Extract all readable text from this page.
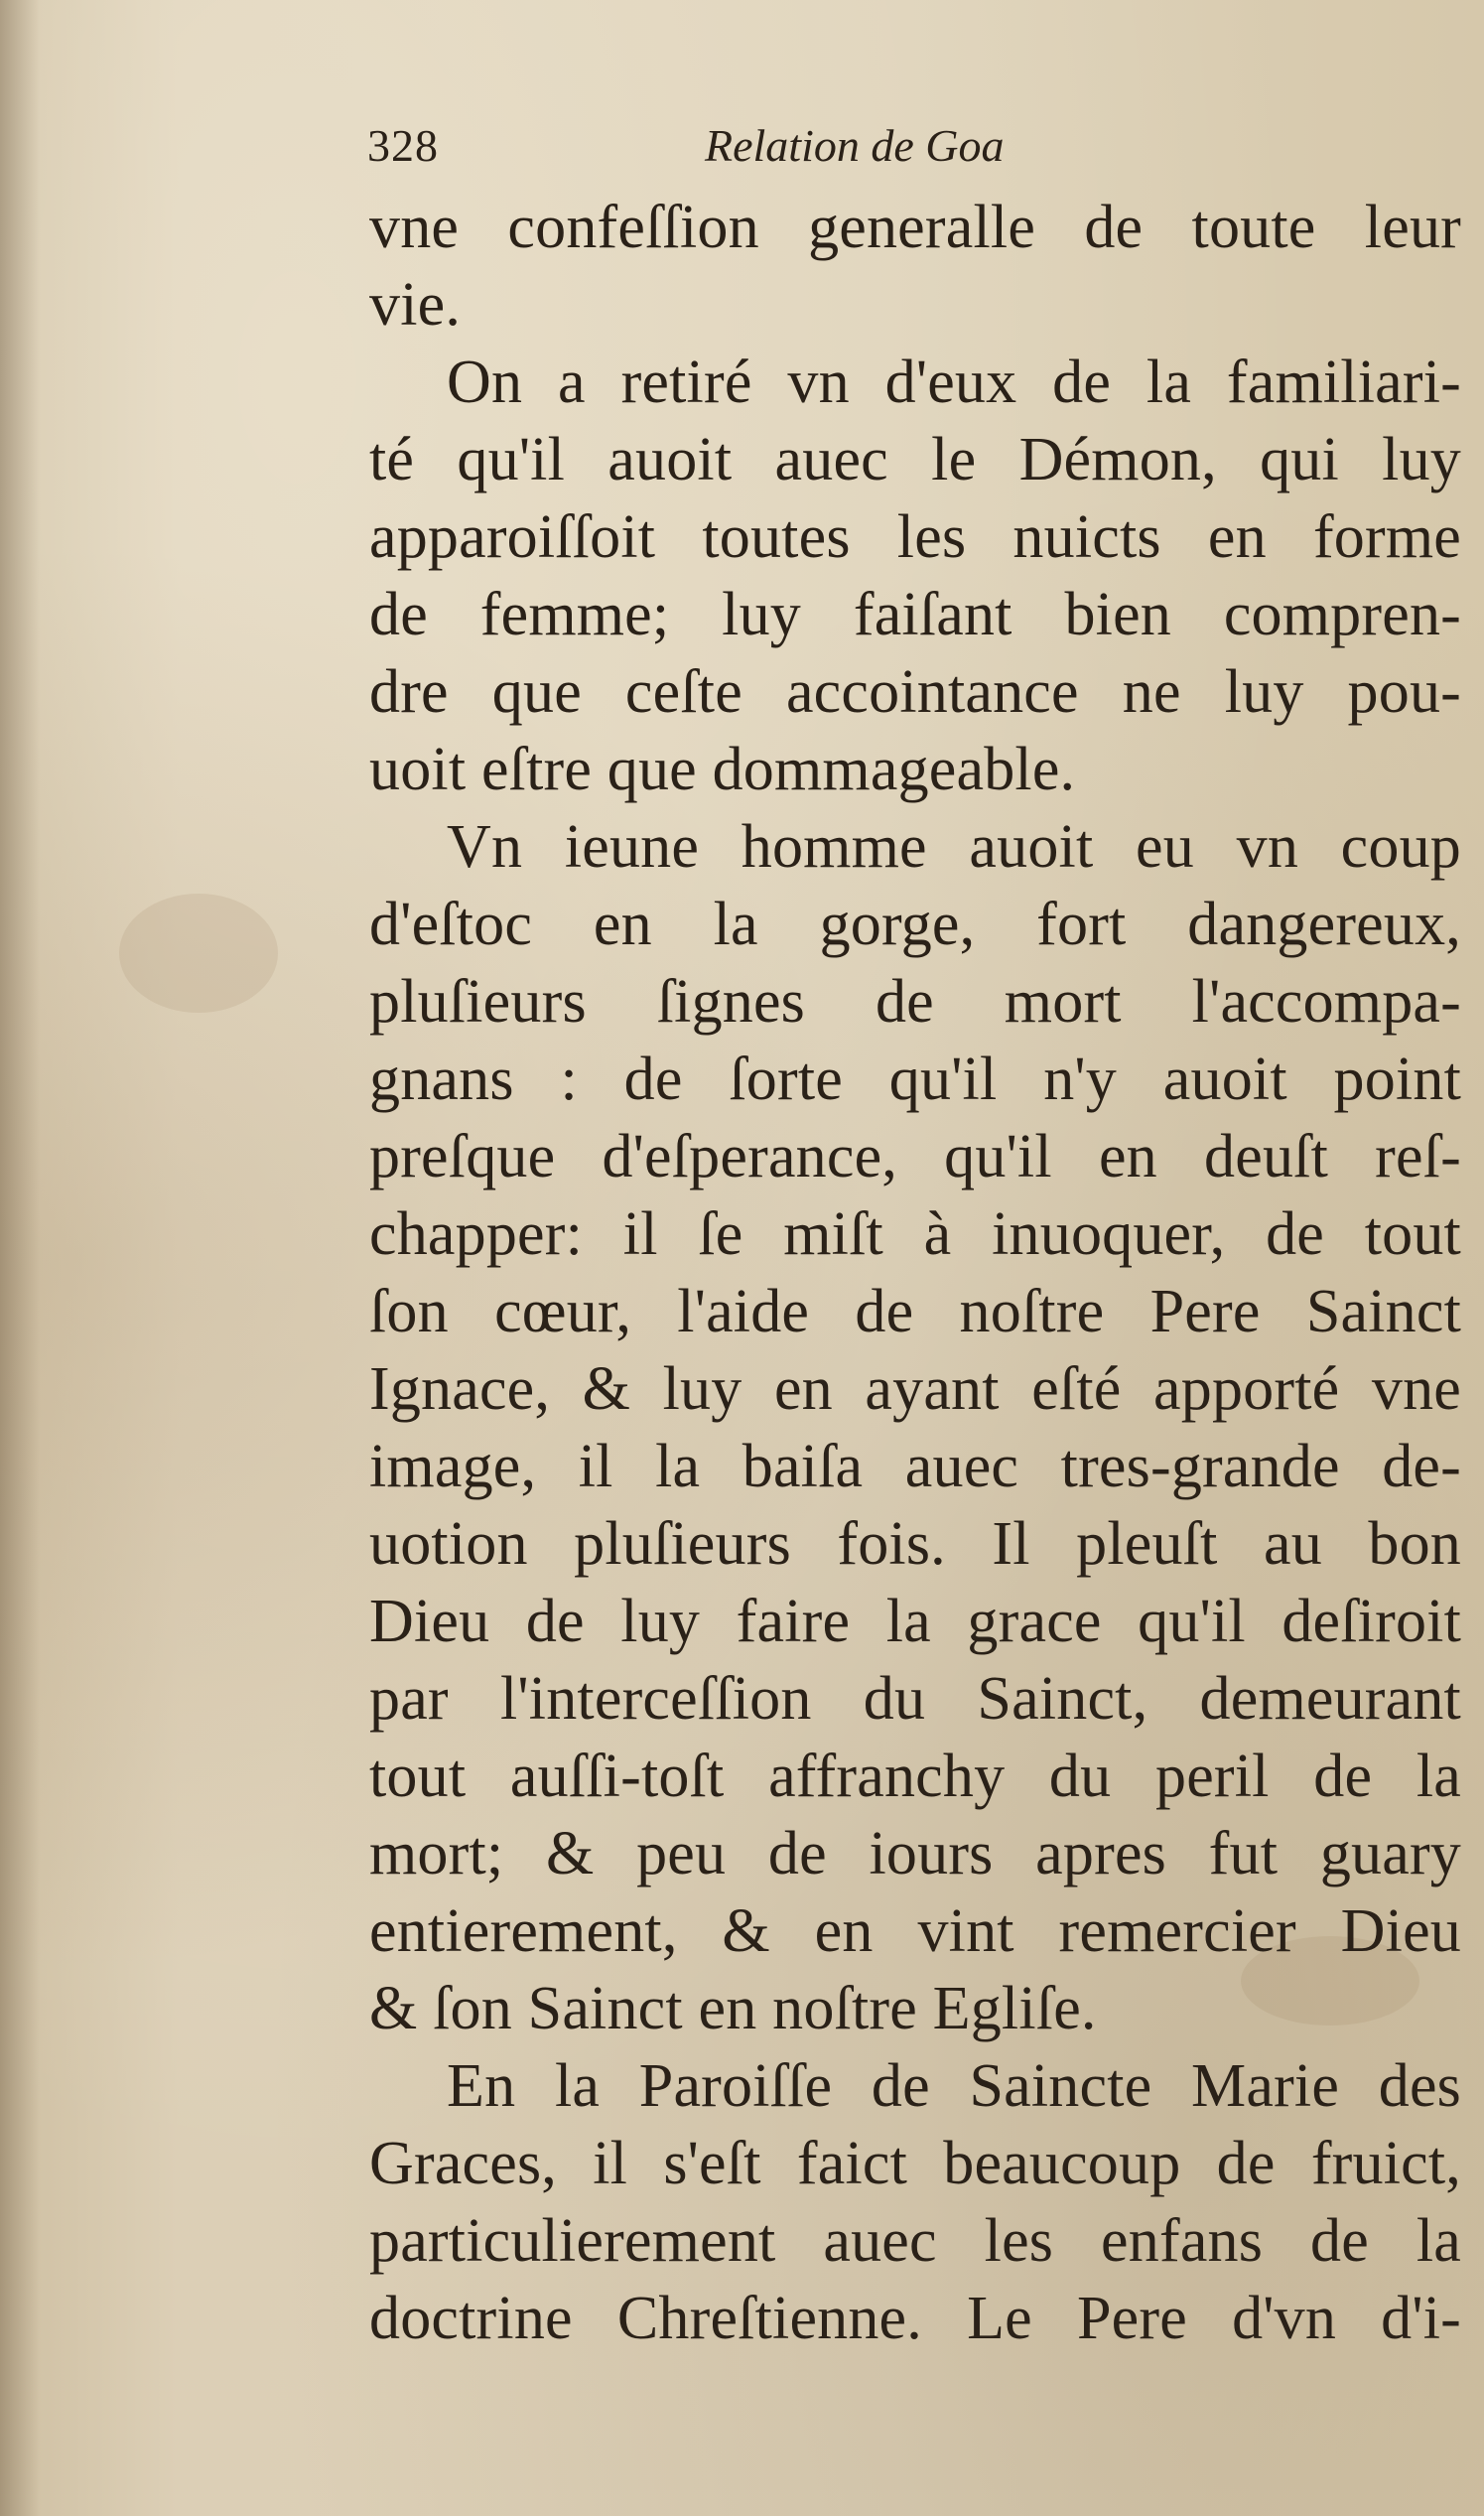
328	Relation de Goa
vne confeſſion generalle de toute leur
vie.
On a retiré vn d'eux de la familiari-
té qu'il auoit auec le Démon, qui luy
apparoiſſoit toutes les nuicts en forme
de femme; luy faiſant bien compren-
dre que ceſte accointance ne luy pou-
uoit eſtre que dommageable.
Vn ieune homme auoit eu vn coup
d'eſtoc en la gorge, fort dangereux,
pluſieurs ſignes de mort l'accompa-
gnans : de ſorte qu'il n'y auoit point
preſque d'eſperance, qu'il en deuſt reſ-
chapper: il ſe miſt à inuoquer, de tout
ſon cœur, l'aide de noſtre Pere Sainct
Ignace, & luy en ayant eſté apporté vne
image, il la baiſa auec tres-grande de-
uotion pluſieurs fois. Il pleuſt au bon
Dieu de luy faire la grace qu'il deſiroit
par l'interceſſion du Sainct, demeurant
tout auſſi-toſt affranchy du peril de la
mort; & peu de iours apres fut guary
entierement, & en vint remercier Dieu
& ſon Sainct en noſtre Egliſe.
En la Paroiſſe de Saincte Marie des
Graces, il s'eſt faict beaucoup de fruict,
particulierement auec les enfans de la
doctrine Chreſtienne. Le Pere d'vn d'i-
